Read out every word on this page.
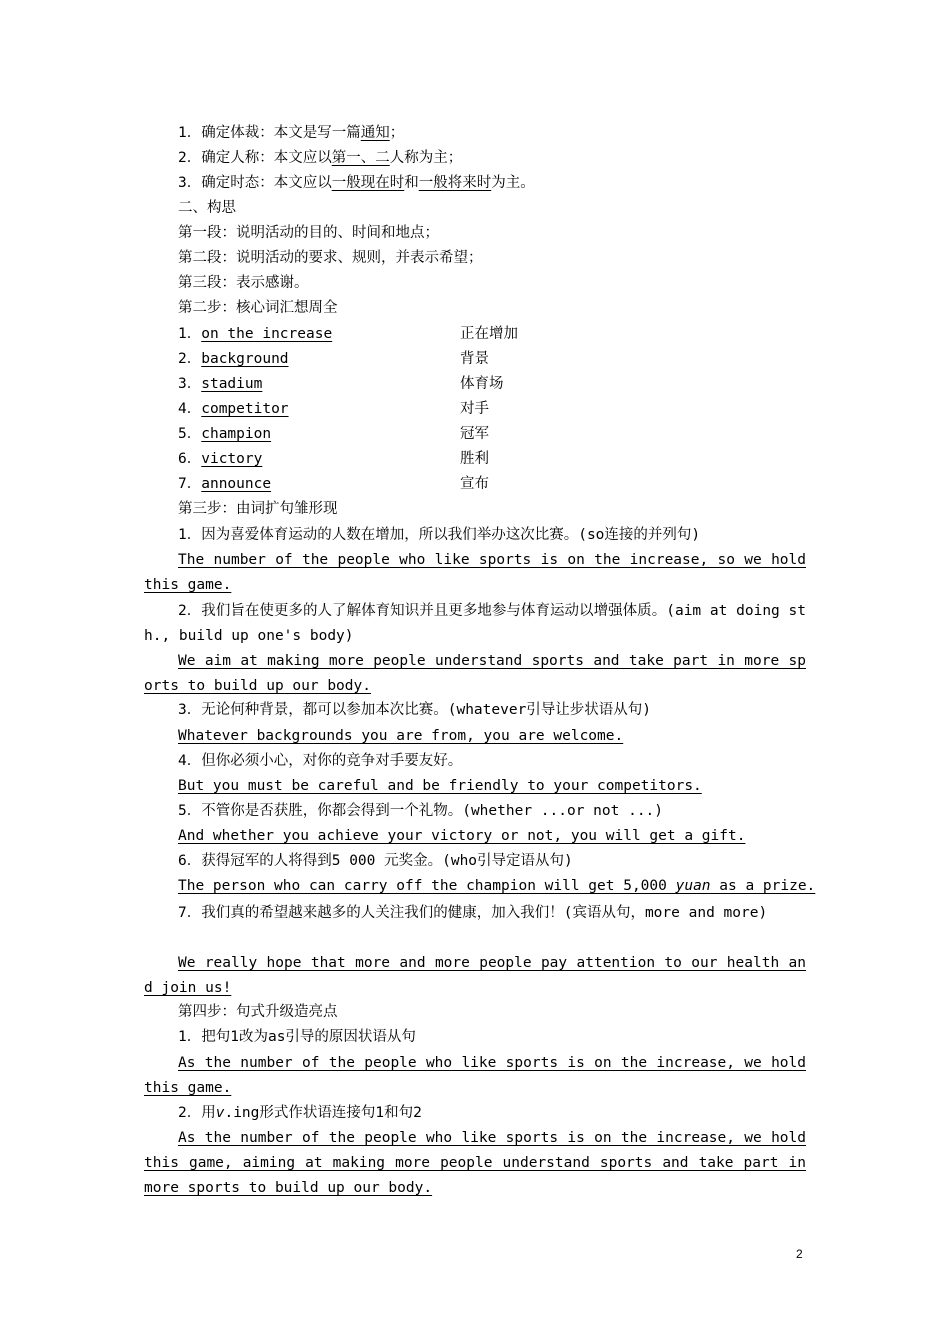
1．确定体裁：本文是写一篇通知；
2．确定人称：本文应以第一、二人称为主；
3．确定时态：本文应以一般现在时和一般将来时为主。
二、构思
第一段：说明活动的目的、时间和地点；
第二段：说明活动的要求、规则，并表示希望；
第三段：表示感谢。
第二步：核心词汇想周全
1．on the increase	正在增加
2．background	背景
3．stadium	体育场
4．competitor	对手
5．champion	冠军
6．victory	胜利
7．announce	宣布
第三步：由词扩句雏形现
1．因为喜爱体育运动的人数在增加，所以我们举办这次比赛。(so连接的并列句)
The number of the people who like sports is on the increase, so we hold this game.
2．我们旨在使更多的人了解体育知识并且更多地参与体育运动以增强体质。(aim at doing sth., build up one's body)
We aim at making more people understand sports and take part in more sports to build up our body.
3．无论何种背景，都可以参加本次比赛。(whatever引导让步状语从句)
Whatever backgrounds you are from, you are welcome.
4．但你必须小心，对你的竞争对手要友好。
But you must be careful and be friendly to your competitors.
5．不管你是否获胜，你都会得到一个礼物。(whether ...or not ...)
And whether you achieve your victory or not, you will get a gift.
6．获得冠军的人将得到5 000 元奖金。(who引导定语从句)
The person who can carry off the champion will get 5,000 yuan as a prize.
7．我们真的希望越来越多的人关注我们的健康，加入我们！(宾语从句，more and more)
We really hope that more and more people pay attention to our health and join us!
第四步：句式升级造亮点
1．把句1改为as引导的原因状语从句
As the number of the people who like sports is on the increase, we hold this game.
2．用v.ing形式作状语连接句1和句2
As the number of the people who like sports is on the increase, we hold this game, aiming at making more people understand sports and take part in more sports to build up our body.
2
